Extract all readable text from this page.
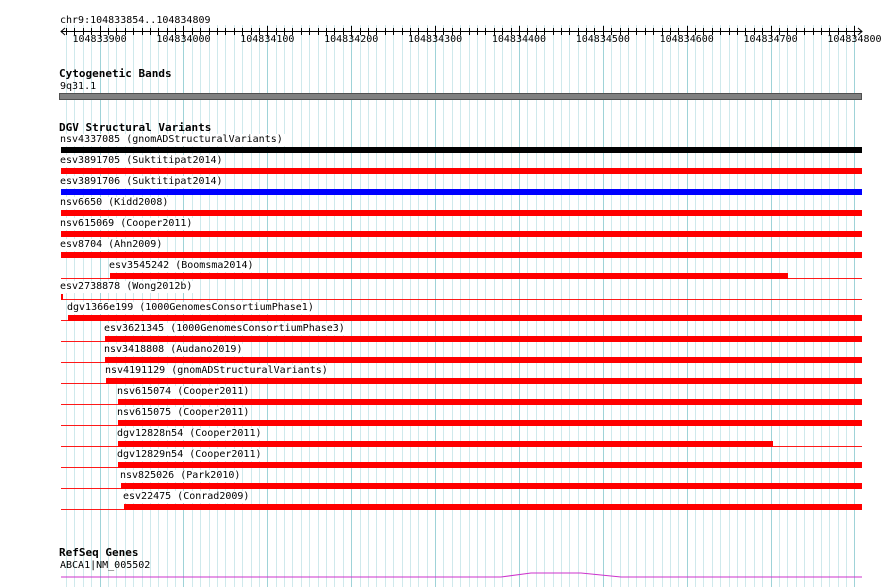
chr9:104833854..104834809
Cytogenetic Bands
9q31.1
DGV Structural Variants
nsv4337085 (gnomADStructuralVariants)
esv3891705 (Suktitipat2014)
esv3891706 (Suktitipat2014)
nsv6650 (Kidd2008)
nsv615069 (Cooper2011)
esv8704 (Ahn2009)
esv3545242 (Boomsma2014)
esv2738878 (Wong2012b)
dgv1366e199 (1000GenomesConsortiumPhase1)
esv3621345 (1000GenomesConsortiumPhase3)
nsv3418808 (Audano2019)
nsv4191129 (gnomADStructuralVariants)
nsv615074 (Cooper2011)
nsv615075 (Cooper2011)
dgv12828n54 (Cooper2011)
dgv12829n54 (Cooper2011)
nsv825026 (Park2010)
esv22475 (Conrad2009)
RefSeq Genes
ABCA1|NM_005502
104833900	104834000	104834100	104834200	104834300	104834400	104834500	104834600	104834700	104834800
